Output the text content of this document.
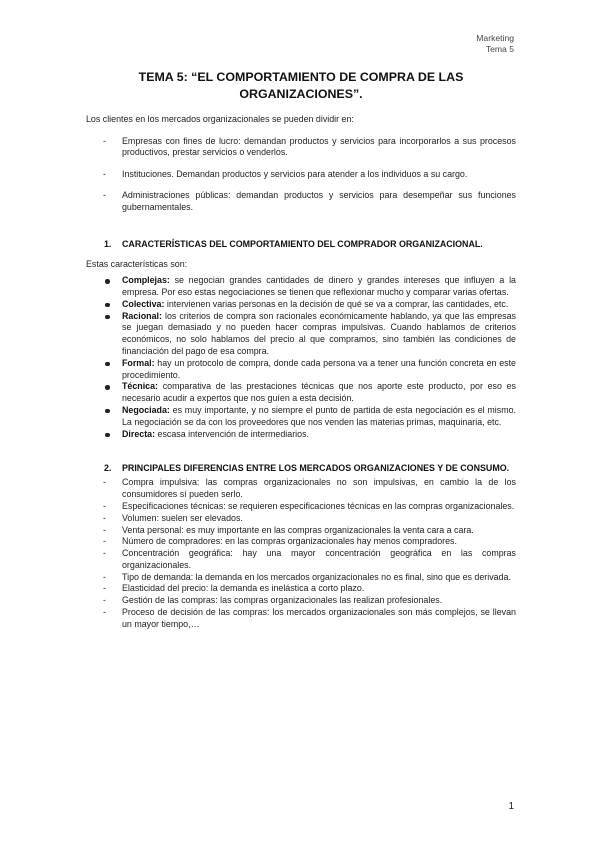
Marketing
Tema 5
TEMA 5: “EL COMPORTAMIENTO DE COMPRA DE LAS ORGANIZACIONES”.

Los clientes en los mercados organizacionales se pueden dividir en:

- Empresas con fines de lucro: demandan productos y servicios para incorporarlos a sus procesos productivos, prestar servicios o venderlos.
- Instituciones. Demandan productos y servicios para atender a los individuos a su cargo.
- Administraciones públicas: demandan productos y servicios para desempeñar sus funciones gubernamentales.
1. CARACTERÍSTICAS DEL COMPORTAMIENTO DEL COMPRADOR ORGANIZACIONAL.

Estas características son:

Complejas: se negocian grandes cantidades de dinero y grandes intereses que influyen a la empresa. Por eso estas negociaciones se tienen que reflexionar mucho y comparar varias ofertas.
Colectiva: intervienen varias personas en la decisión de qué se va a comprar, las cantidades, etc.
Racional: los criterios de compra son racionales económicamente hablando, ya que las empresas se juegan demasiado y no pueden hacer compras impulsivas. Cuando hablamos de criterios económicos, no solo hablamos del precio al que compramos, sino también las condiciones de financiación del pago de esa compra.
Formal: hay un protocolo de compra, donde cada persona va a tener una función concreta en este procedimiento.
Técnica: comparativa de las prestaciones técnicas que nos aporte este producto, por eso es necesario acudir a expertos que nos guíen a esta decisión.
Negociada: es muy importante, y no siempre el punto de partida de esta negociación es el mismo. La negociación se da con los proveedores que nos venden las materias primas, maquinaria, etc.
Directa: escasa intervención de intermediarios.
2. PRINCIPALES DIFERENCIAS ENTRE LOS MERCADOS ORGANIZACIONES Y DE CONSUMO.
- Compra impulsiva: las compras organizacionales no son impulsivas, en cambio la de los consumidores sí pueden serlo.
- Especificaciones técnicas: se requieren especificaciones técnicas en las compras organizacionales.
- Volumen: suelen ser elevados.
- Venta personal: es muy importante en las compras organizacionales la venta cara a cara.
- Número de compradores: en las compras organizacionales hay menos compradores.
- Concentración geográfica: hay una mayor concentración geográfica en las compras organizacionales.
- Tipo de demanda: la demanda en los mercados organizacionales no es final, sino que es derivada.
- Elasticidad del precio: la demanda es inelástica a corto plazo.
- Gestión de las compras: las compras organizacionales las realizan profesionales.
- Proceso de decisión de las compras: los mercados organizacionales son más complejos, se llevan un mayor tiempo,…
1
